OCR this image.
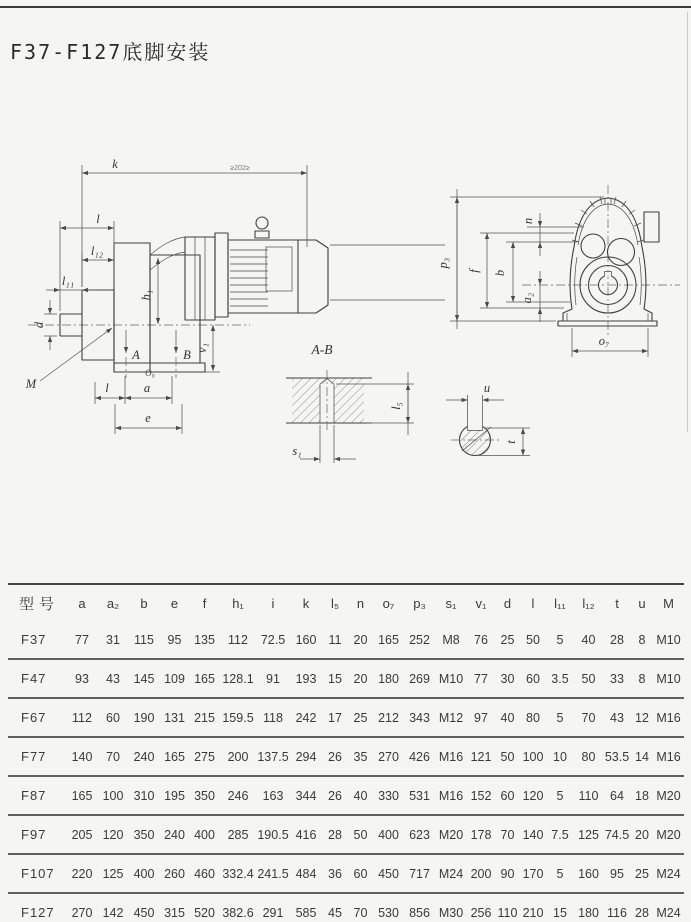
F37-F127底脚安装
k	≥202≥
l
l₁₂
l₁₁
d
M
h₁
v₁
A	B
O₉
l	a
e
A-B
l₅
s₁
u
t
p₃
f b
n
a₂
o₇
型号	a	a₂	b	e	f	h₁	i	k	l₅	n	o₇	p₃	s₁	v₁	d	l	l₁₁	l₁₂	t	u	M
F37	77	31	115	95	135	112	72.5	160	11	20	165	252	M8	76	25	50	5	40	28	8	M10
F47	93	43	145	109	165	128.1	91	193	15	20	180	269	M10	77	30	60	3.5	50	33	8	M10
F67	112	60	190	131	215	159.5	118	242	17	25	212	343	M12	97	40	80	5	70	43	12	M16
F77	140	70	240	165	275	200	137.5	294	26	35	270	426	M16	121	50	100	10	80	53.5	14	M16
F87	165	100	310	195	350	246	163	344	26	40	330	531	M16	152	60	120	5	110	64	18	M20
F97	205	120	350	240	400	285	190.5	416	28	50	400	623	M20	178	70	140	7.5	125	74.5	20	M20
F107	220	125	400	260	460	332.4	241.5	484	36	60	450	717	M24	200	90	170	5	160	95	25	M24
F127	270	142	450	315	520	382.6	291	585	45	70	530	856	M30	256	110	210	15	180	116	28	M24
